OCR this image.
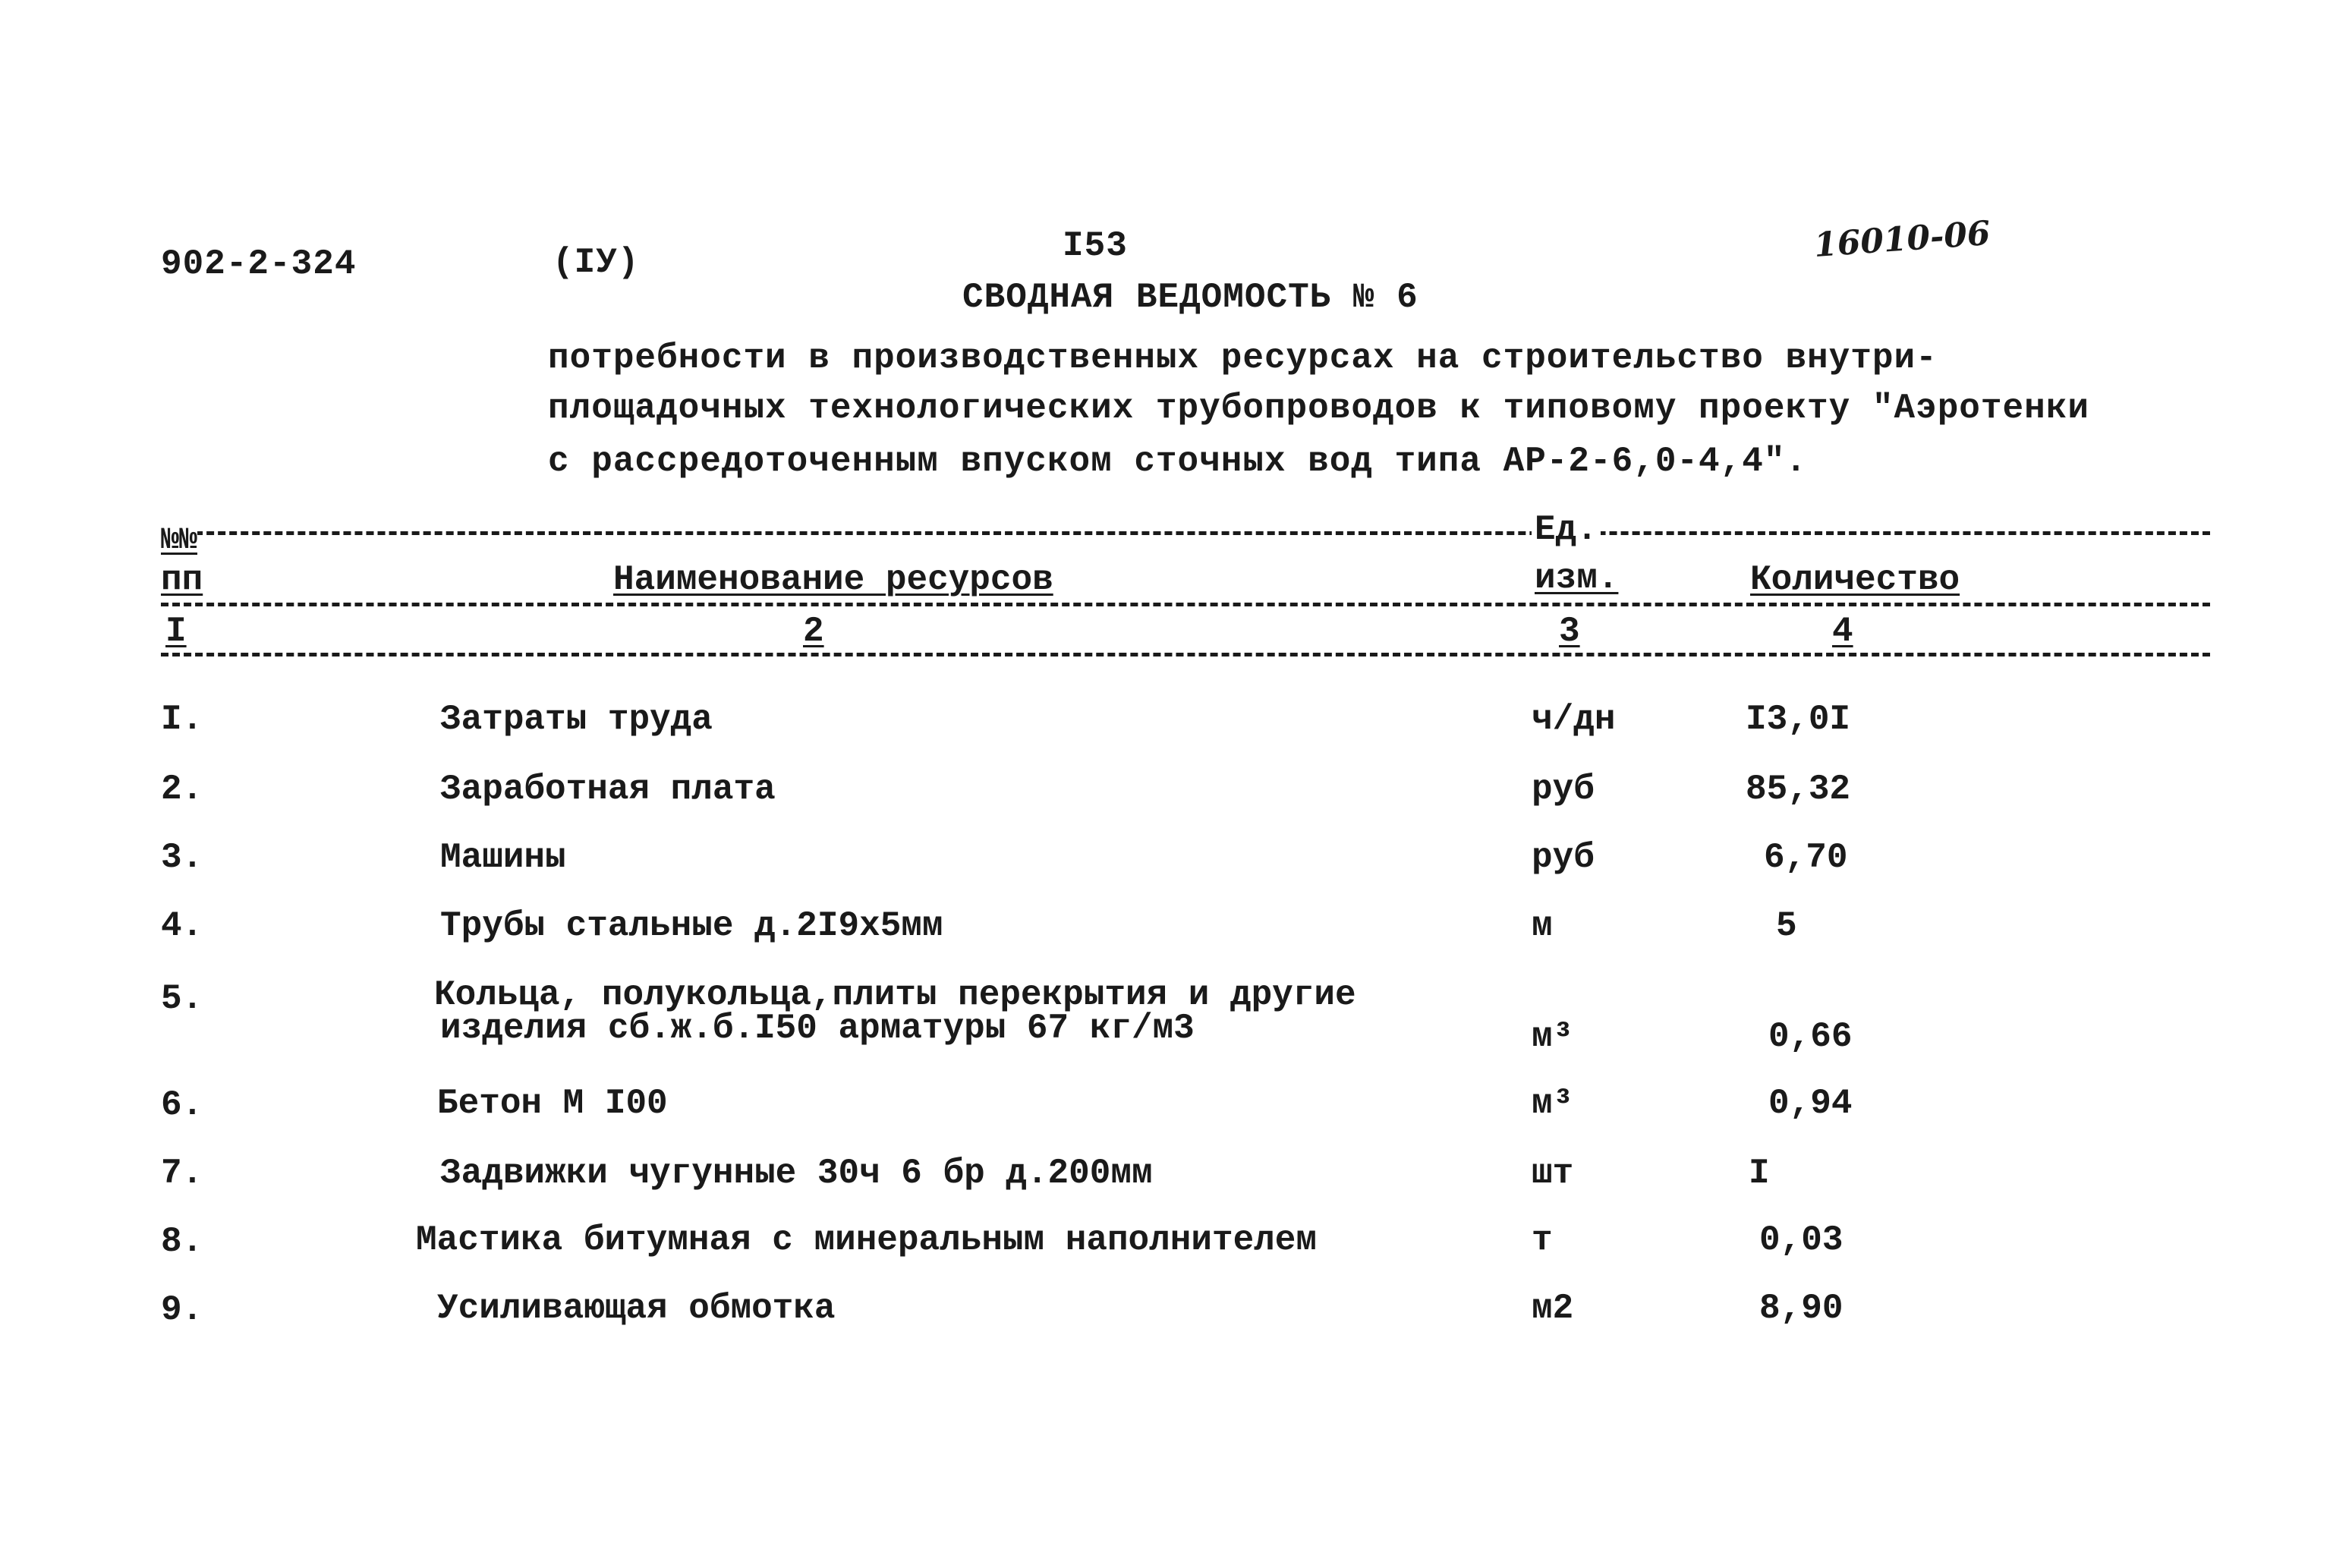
902-2-324	(IУ)	I53	16010-06
СВОДНАЯ ВЕДОМОСТЬ № 6
потребности в производственных ресурсах на строительство внутри-
площадочных технологических трубопроводов к типовому проекту "Аэротенки
с рассредоточенным впуском сточных вод типа АР-2-6,0-4,4".
№№
пп	Наименование ресурсов
Ед.
изм.	Количество
I	2	3	4
I.	Затраты труда	ч/дн	I3,0I
2.	Заработная плата	руб	85,32
3.	Машины	руб	6,70
4.	Трубы стальные д.2I9x5мм	м	5
5.	Кольца, полукольца,плиты перекрытия и другие
изделия сб.ж.б.I50 арматуры 67 кг/м3	м³	0,66
6.	Бетон М I00	м³	0,94
7.	Задвижки чугунные 30ч 6 бр д.200мм	шт	I
8.	Мастика битумная с минеральным наполнителем	т	0,03
9.	Усиливающая обмотка	м2	8,90
